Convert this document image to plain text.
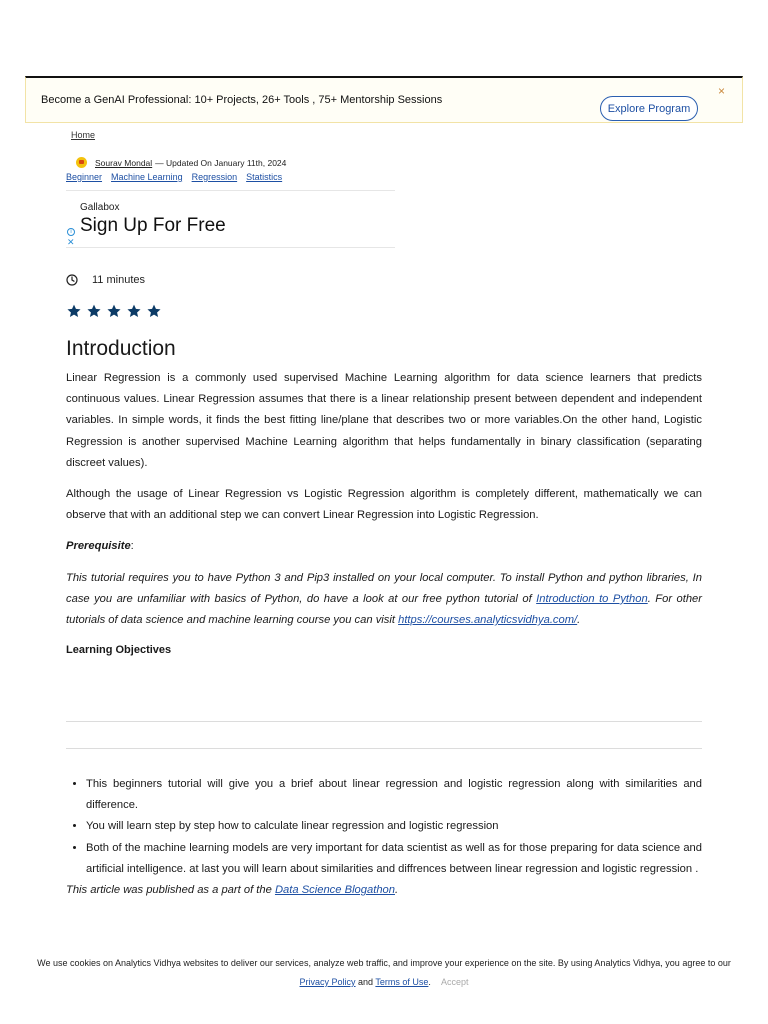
Become a GenAI Professional: 10+ Projects, 26+ Tools , 75+ Mentorship Sessions
Explore Program
×
Home
Sourav Mondal — Updated On January 11th, 2024
Beginner Machine Learning Regression Statistics
Gallabox
Sign Up For Free
i
✕
11 minutes
Introduction

Linear Regression is a commonly used supervised Machine Learning algorithm for data science learners that predicts continuous values. Linear Regression assumes that there is a linear relationship present between dependent and independent variables. In simple words, it finds the best fitting line/plane that describes two or more variables.On the other hand, Logistic Regression is another supervised Machine Learning algorithm that helps fundamentally in binary classification (separating discreet values).

Although the usage of Linear Regression vs Logistic Regression algorithm is completely different, mathematically we can observe that with an additional step we can convert Linear Regression into Logistic Regression.

Prerequisite:

This tutorial requires you to have Python 3 and Pip3 installed on your local computer. To install Python and python libraries, In case you are unfamiliar with basics of Python, do have a look at our free python tutorial of Introduction to Python. For other tutorials of data science and machine learning course you can visit https://courses.analyticsvidhya.com/.

Learning Objectives

• This beginners tutorial will give you a brief about linear regression and logistic regression along with similarities and difference.
• You will learn step by step how to calculate linear regression and logistic regression
• Both of the machine learning models are very important for data scientist as well as for those preparing for data science and artificial intelligence. at last you will learn about similarities and diffrences between linear regression and logistic regression .

This article was published as a part of the Data Science Blogathon.

We use cookies on Analytics Vidhya websites to deliver our services, analyze web traffic, and improve your experience on the site. By using Analytics Vidhya, you agree to our Privacy Policy and Terms of Use. Accept
